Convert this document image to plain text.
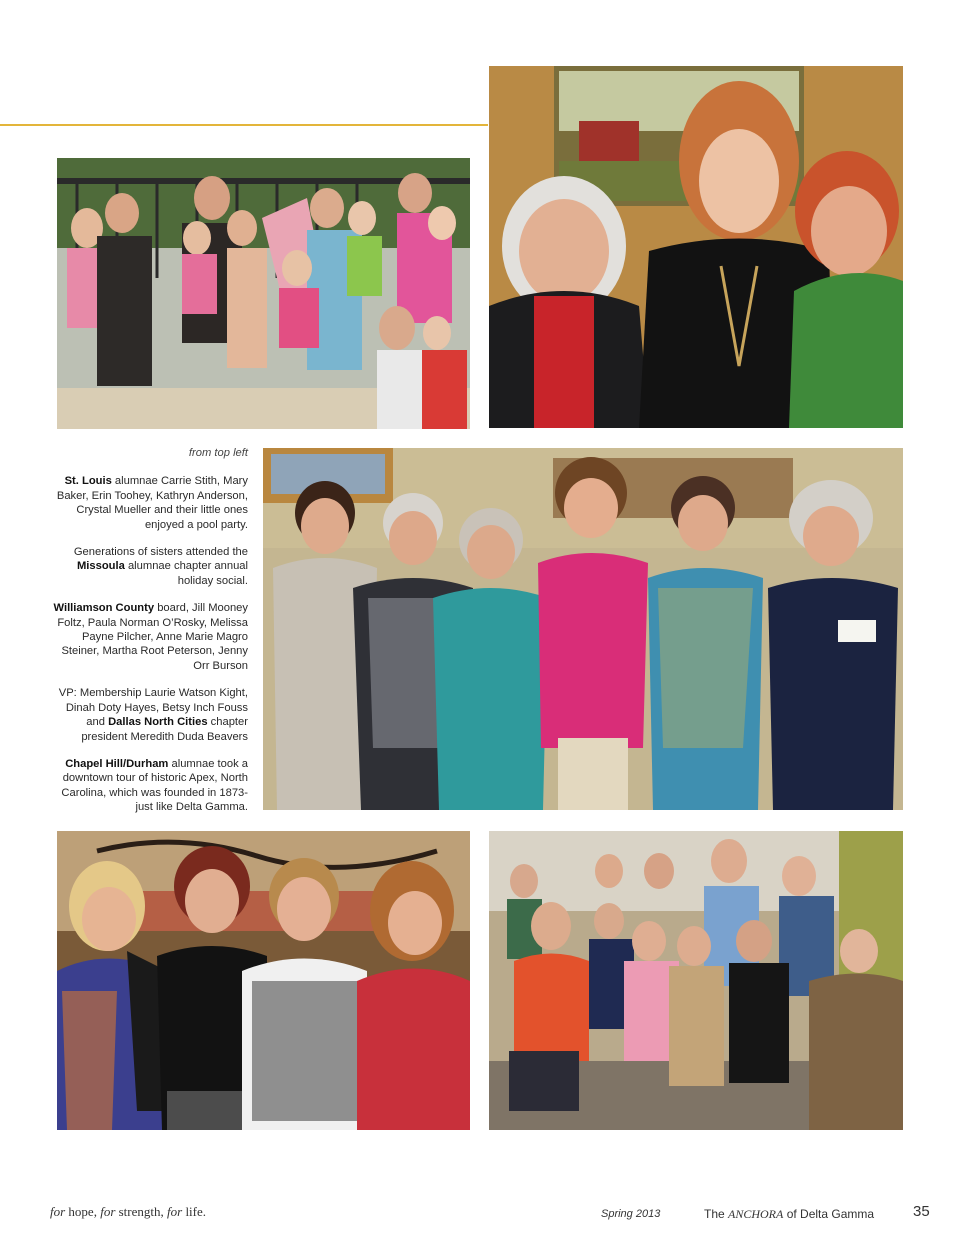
from top left

St. Louis alumnae Carrie Stith, Mary Baker, Erin Toohey, Kathryn Anderson, Crystal Mueller and their little ones enjoyed a pool party.

Generations of sisters attended the Missoula alumnae chapter annual holiday social.

Williamson County board, Jill Mooney Foltz, Paula Norman O’Rosky, Melissa Payne Pilcher, Anne Marie Magro Steiner, Martha Root Peterson, Jenny Orr Burson

VP: Membership Laurie Watson Kight, Dinah Doty Hayes, Betsy Inch Fouss and Dallas North Cities chapter president Meredith Duda Beavers

Chapel Hill/Durham alumnae took a downtown tour of historic Apex, North Carolina, which was founded in 1873-just like Delta Gamma.

for hope, for strength, for life.	Spring 2013	The ANCHORA of Delta Gamma	35
